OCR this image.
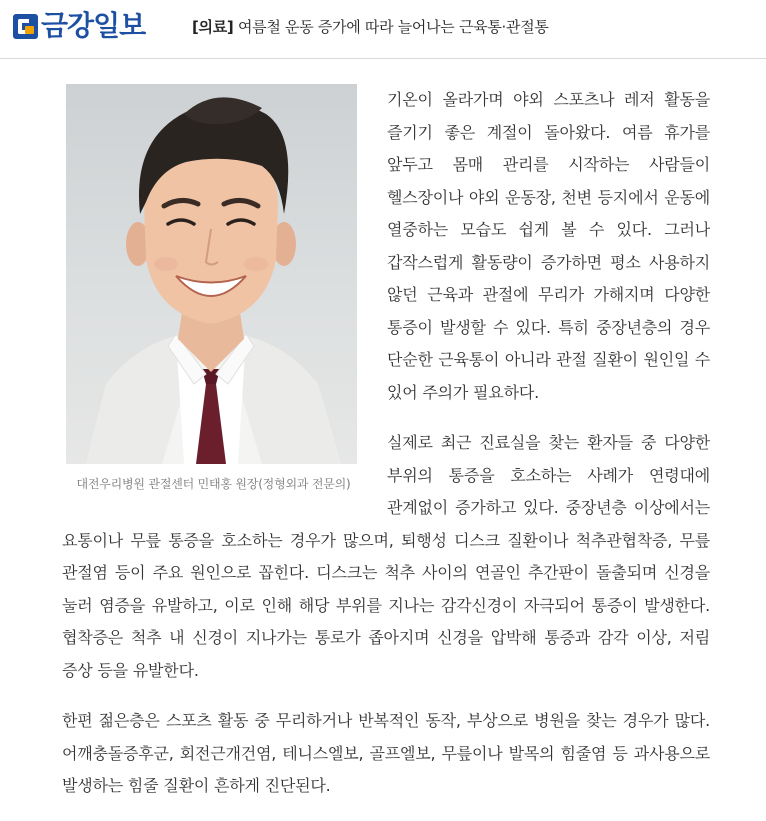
금강일보	[의료] 여름철 운동 증가에 따라 늘어나는 근육통·관절통
대전우리병원 관절센터 민태홍 원장(정형외과 전문의)

기온이 올라가며 야외 스포츠나 레저 활동을 즐기기 좋은 계절이 돌아왔다. 여름 휴가를 앞두고 몸매 관리를 시작하는 사람들이 헬스장이나 야외 운동장, 천변 등지에서 운동에 열중하는 모습도 쉽게 볼 수 있다. 그러나 갑작스럽게 활동량이 증가하면 평소 사용하지 않던 근육과 관절에 무리가 가해지며 다양한 통증이 발생할 수 있다. 특히 중장년층의 경우 단순한 근육통이 아니라 관절 질환이 원인일 수 있어 주의가 필요하다.

실제로 최근 진료실을 찾는 환자들 중 다양한 부위의 통증을 호소하는 사례가 연령대에 관계없이 증가하고 있다. 중장년층 이상에서는 요통이나 무릎 통증을 호소하는 경우가 많으며, 퇴행성 디스크 질환이나 척추관협착증, 무릎 관절염 등이 주요 원인으로 꼽힌다. 디스크는 척추 사이의 연골인 추간판이 돌출되며 신경을 눌러 염증을 유발하고, 이로 인해 해당 부위를 지나는 감각신경이 자극되어 통증이 발생한다. 협착증은 척추 내 신경이 지나가는 통로가 좁아지며 신경을 압박해 통증과 감각 이상, 저림 증상 등을 유발한다.

한편 젊은층은 스포츠 활동 중 무리하거나 반복적인 동작, 부상으로 병원을 찾는 경우가 많다. 어깨충돌증후군, 회전근개건염, 테니스엘보, 골프엘보, 무릎이나 발목의 힘줄염 등 과사용으로 발생하는 힘줄 질환이 흔하게 진단된다.
